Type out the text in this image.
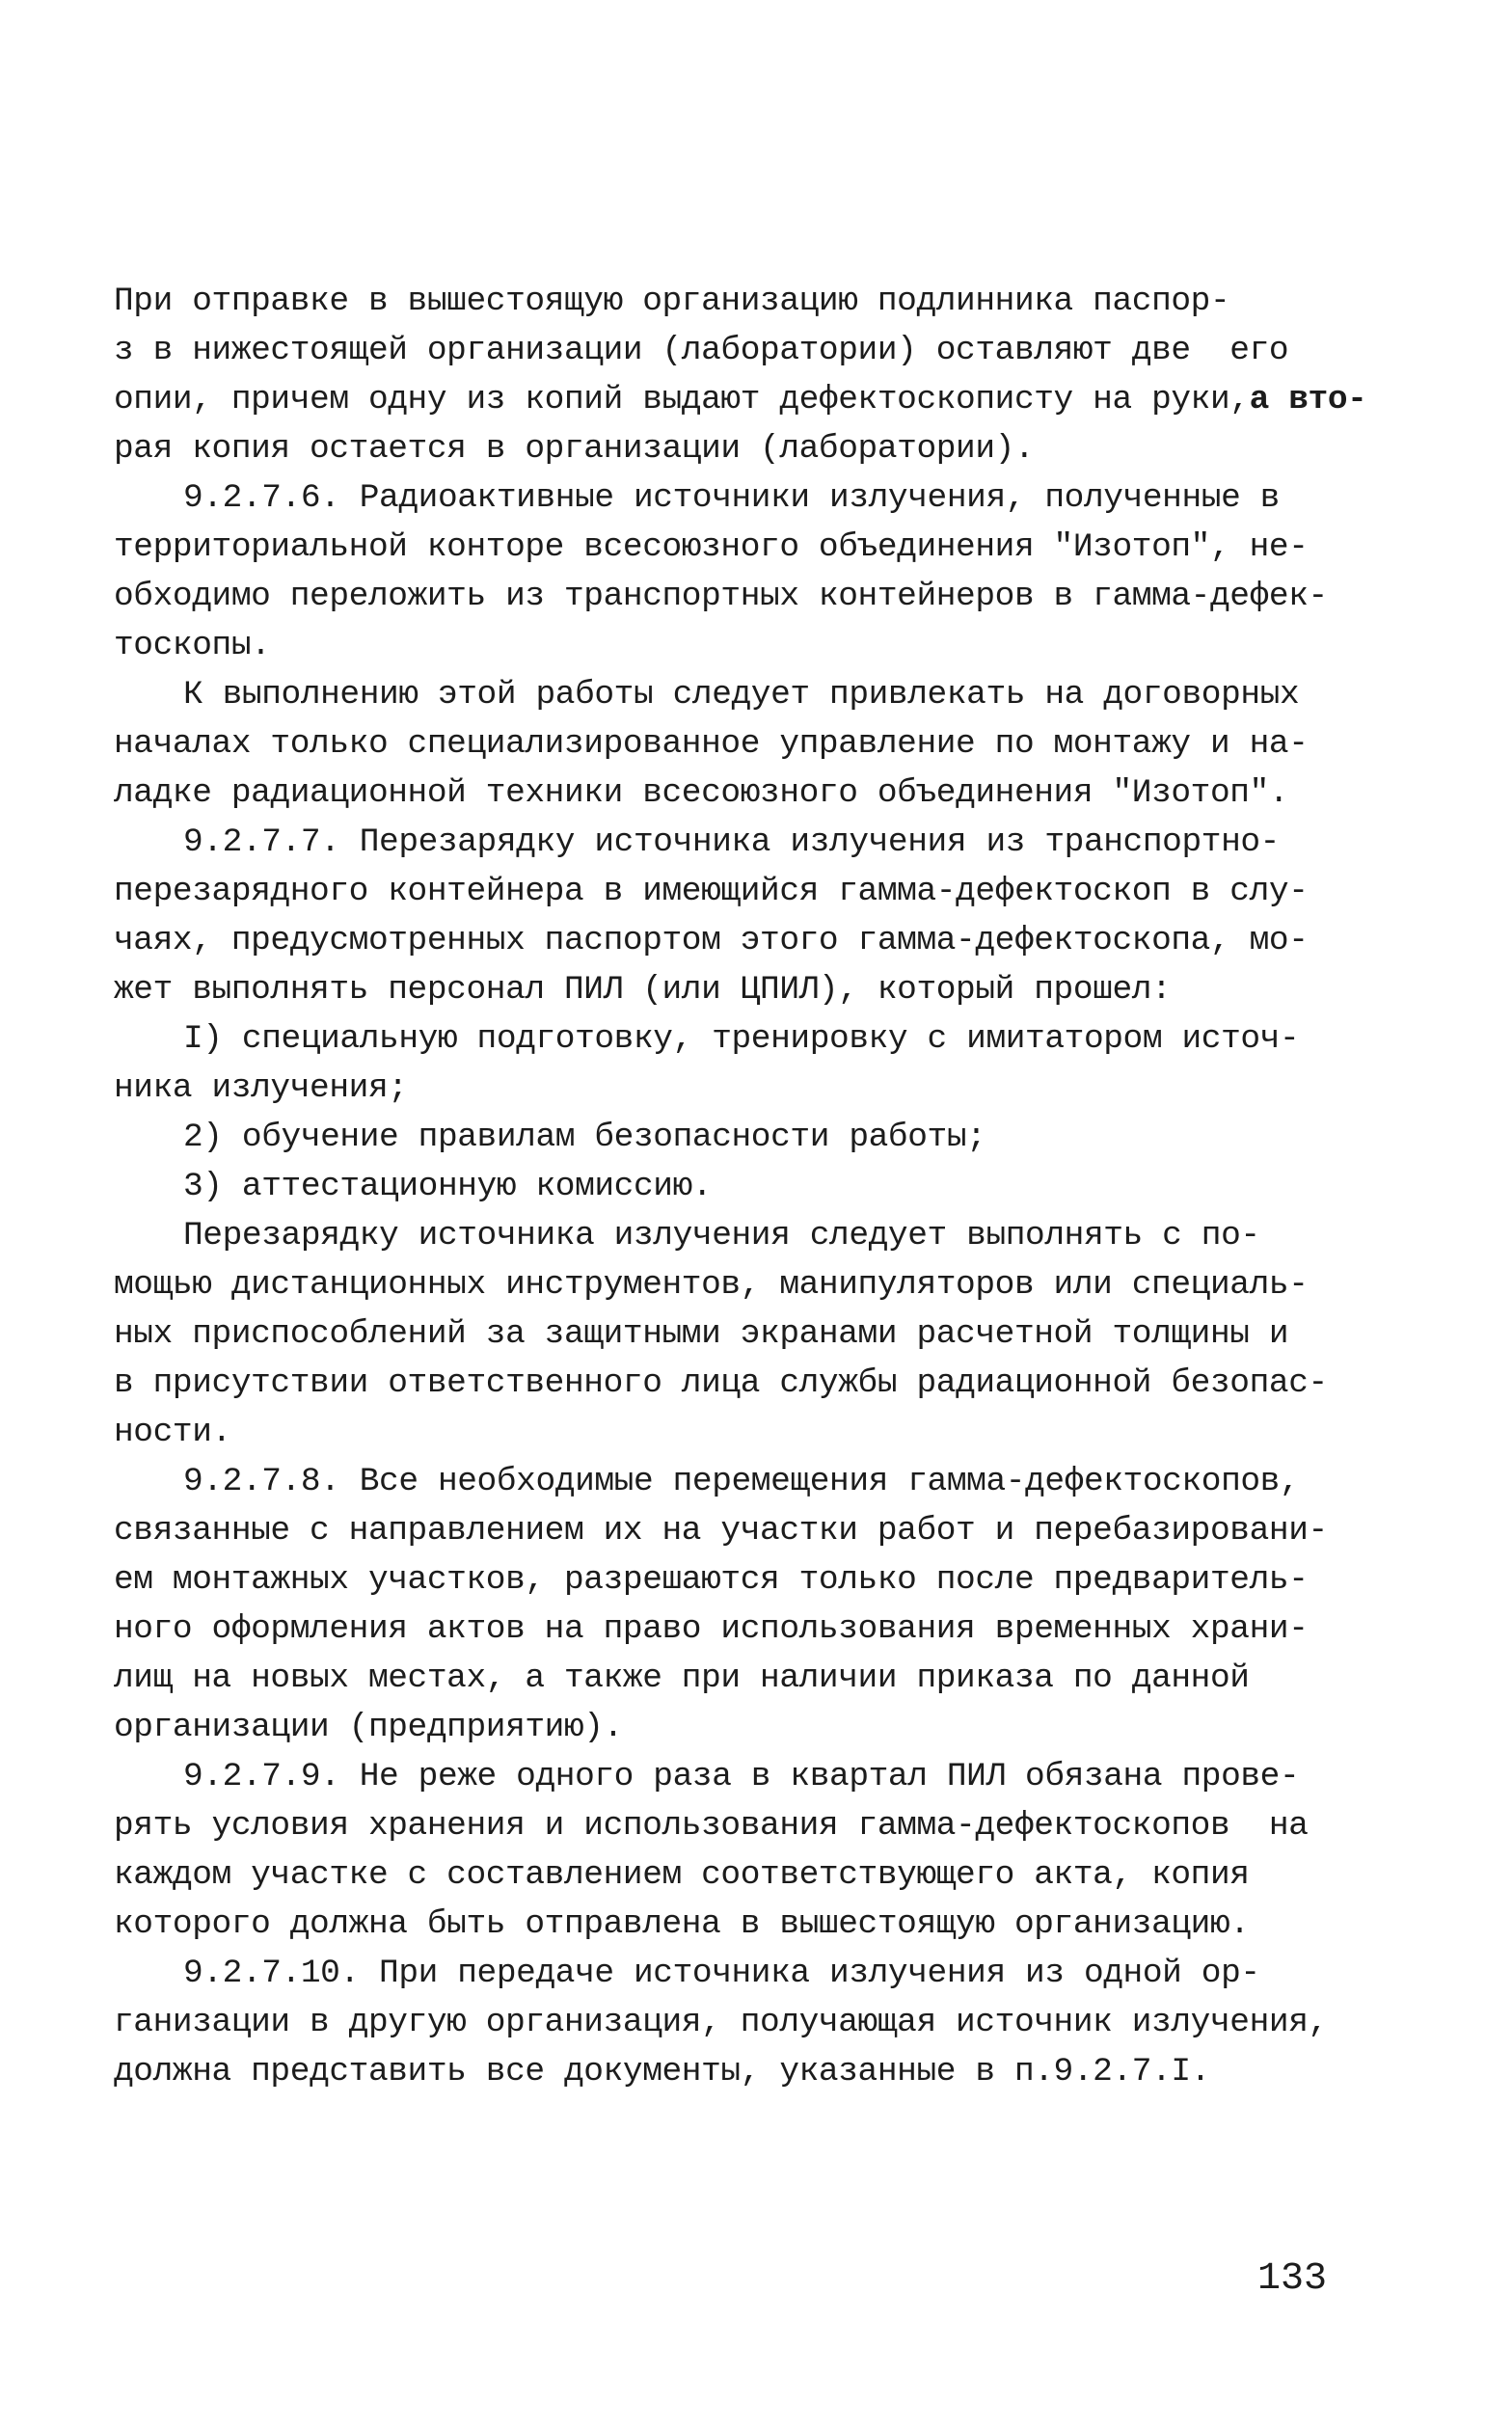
При отправке в вышестоящую организацию подлинника паспор-
з в нижестоящей организации (лаборатории) оставляют две  его
опии, причем одну из копий выдают дефектоскописту на руки,а вто-
рая копия остается в организации (лаборатории).
9.2.7.6. Радиоактивные источники излучения, полученные в
территориальной конторе всесоюзного объединения "Изотоп", не-
обходимо переложить из транспортных контейнеров в гамма-дефек-
тоскопы.
К выполнению этой работы следует привлекать на договорных
началах только специализированное управление по монтажу и на-
ладке радиационной техники всесоюзного объединения "Изотоп".
9.2.7.7. Перезарядку источника излучения из транспортно-
перезарядного контейнера в имеющийся гамма-дефектоскоп в слу-
чаях, предусмотренных паспортом этого гамма-дефектоскопа, мо-
жет выполнять персонал ПИЛ (или ЦПИЛ), который прошел:
I) специальную подготовку, тренировку с имитатором источ-
ника излучения;
2) обучение правилам безопасности работы;
3) аттестационную комиссию.
Перезарядку источника излучения следует выполнять с по-
мощью дистанционных инструментов, манипуляторов или специаль-
ных приспособлений за защитными экранами расчетной толщины и
в присутствии ответственного лица службы радиационной безопас-
ности.
9.2.7.8. Все необходимые перемещения гамма-дефектоскопов,
связанные с направлением их на участки работ и перебазировани-
ем монтажных участков, разрешаются только после предваритель-
ного оформления актов на право использования временных храни-
лищ на новых местах, а также при наличии приказа по данной
организации (предприятию).
9.2.7.9. Не реже одного раза в квартал ПИЛ обязана прове-
рять условия хранения и использования гамма-дефектоскопов  на
каждом участке с составлением соответствующего акта, копия
которого должна быть отправлена в вышестоящую организацию.
9.2.7.10. При передаче источника излучения из одной ор-
ганизации в другую организация, получающая источник излучения,
должна представить все документы, указанные в п.9.2.7.I.
133
